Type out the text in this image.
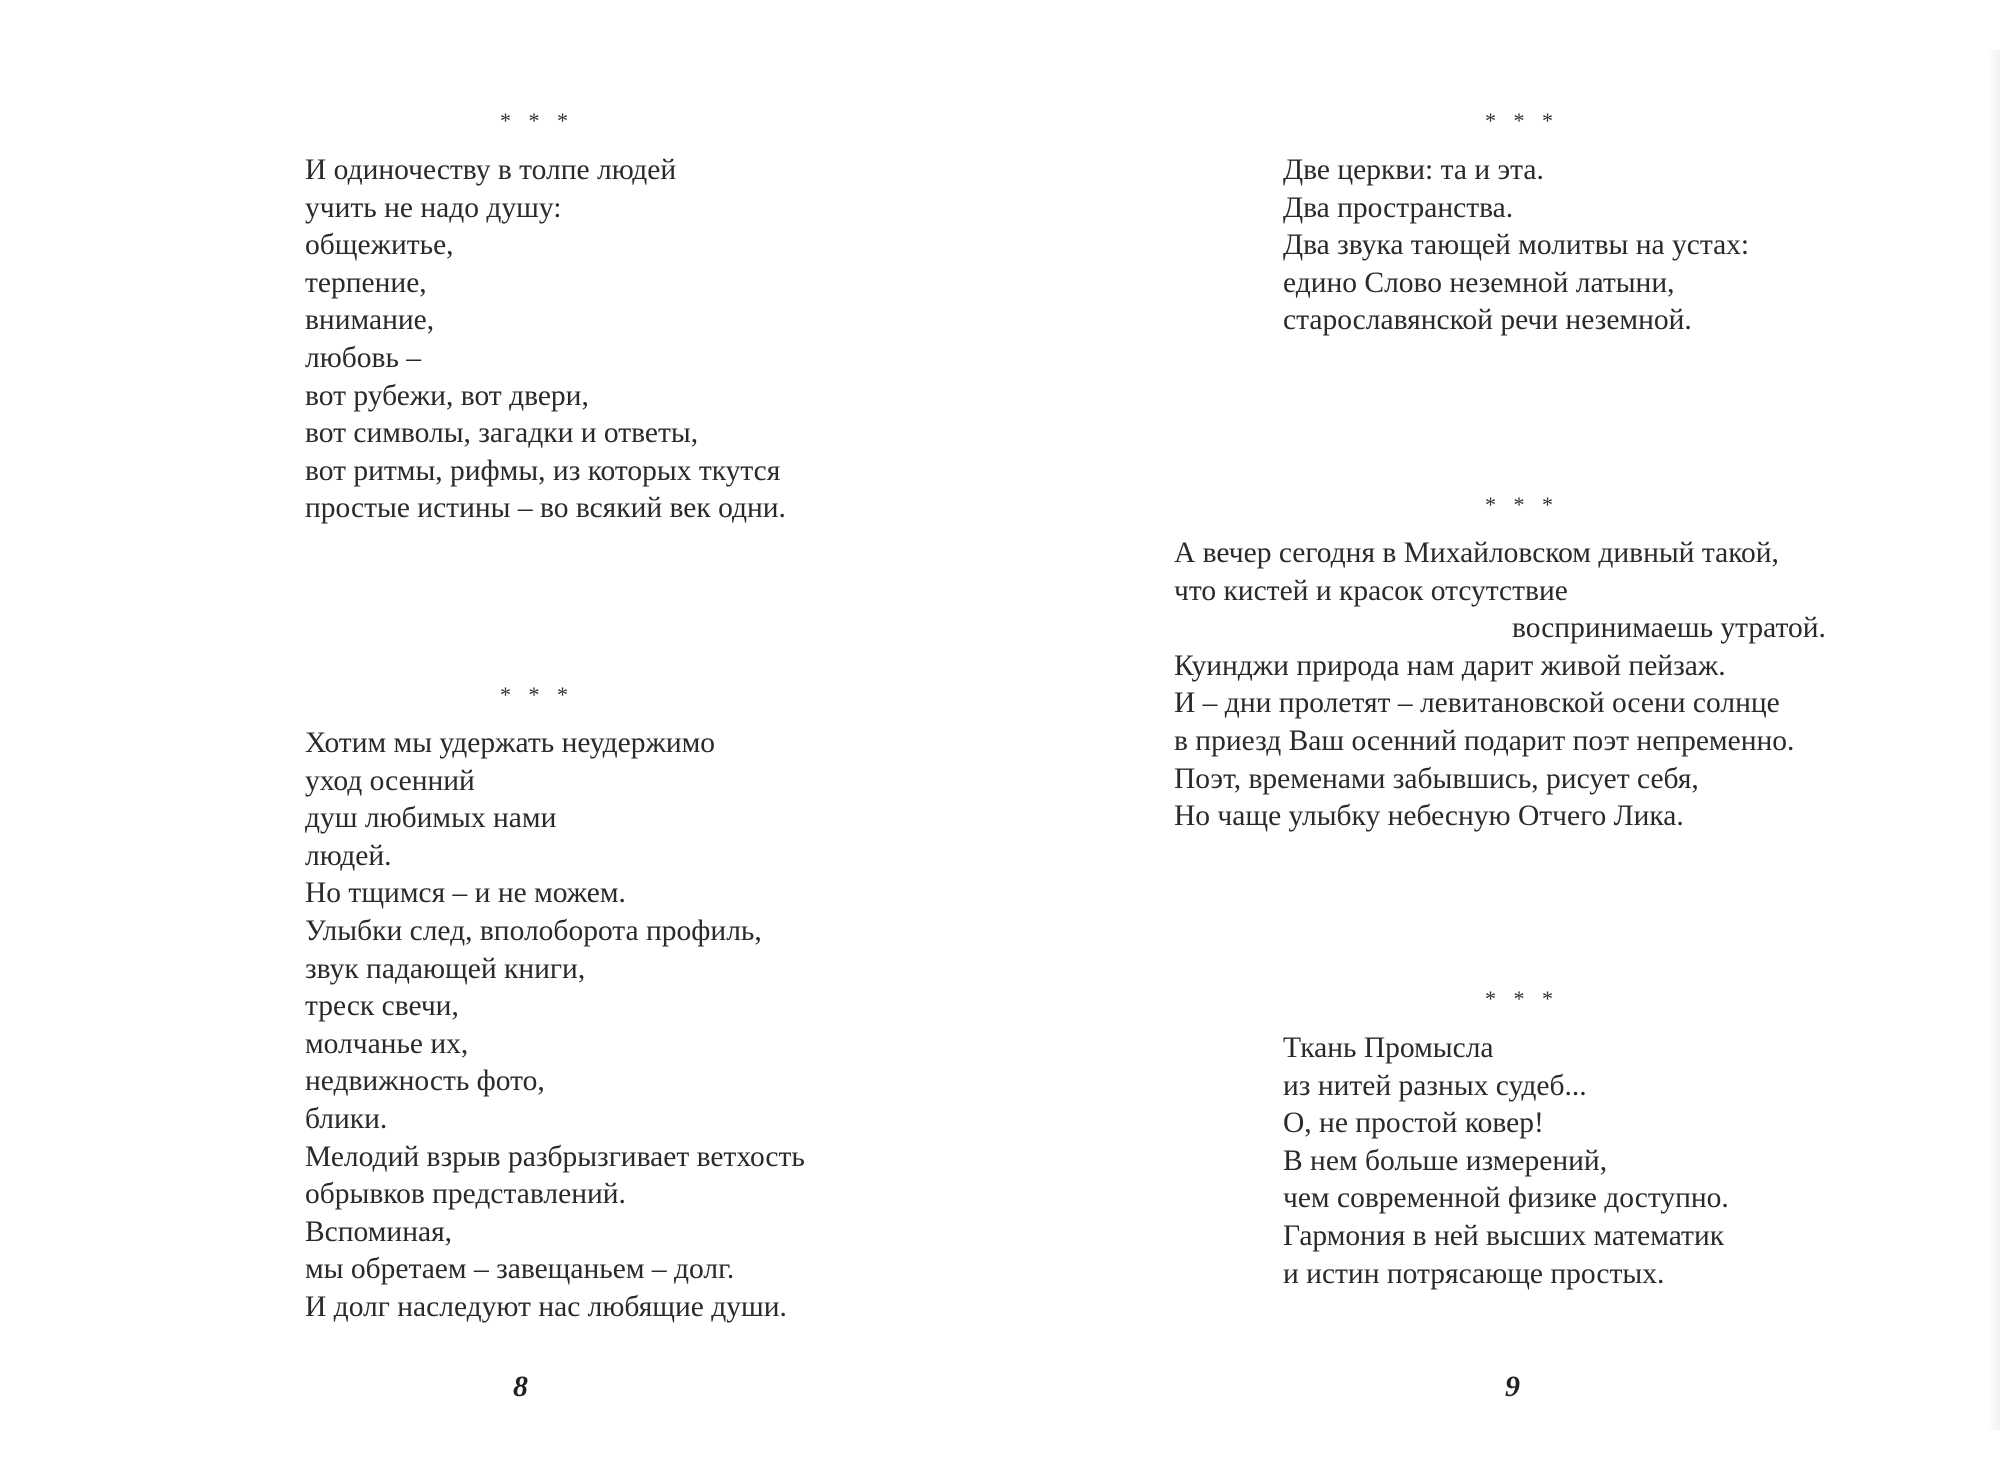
* * *
И одиночеству в толпе людей
учить не надо душу:
общежитье,
терпение,
внимание,
любовь –
вот рубежи, вот двери,
вот символы, загадки и ответы,
вот ритмы, рифмы, из которых ткутся
простые истины – во всякий век одни.
* * *
Хотим мы удержать неудержимо
уход осенний
душ любимых нами
людей.
Но тщимся – и не можем.
Улыбки след, вполоборота профиль,
звук падающей книги,
треск свечи,
молчанье их,
недвижность фото,
блики.
Мелодий взрыв разбрызгивает ветхость
обрывков представлений.
Вспоминая,
мы обретаем – завещаньем – долг.
И долг наследуют нас любящие души.
8
* * *
Две церкви: та и эта.
Два пространства.
Два звука тающей молитвы на устах:
едино Слово неземной латыни,
старославянской речи неземной.
* * *
А вечер сегодня в Михайловском дивный такой,
что кистей и красок отсутствие
воспринимаешь утратой.
Куинджи природа нам дарит живой пейзаж.
И – дни пролетят – левитановской осени солнце
в приезд Ваш осенний подарит поэт непременно.
Поэт, временами забывшись, рисует себя,
Но чаще улыбку небесную Отчего Лика.
* * *
Ткань Промысла
из нитей разных судеб...
О, не простой ковер!
В нем больше измерений,
чем современной физике доступно.
Гармония в ней высших математик
и истин потрясающе простых.
9
